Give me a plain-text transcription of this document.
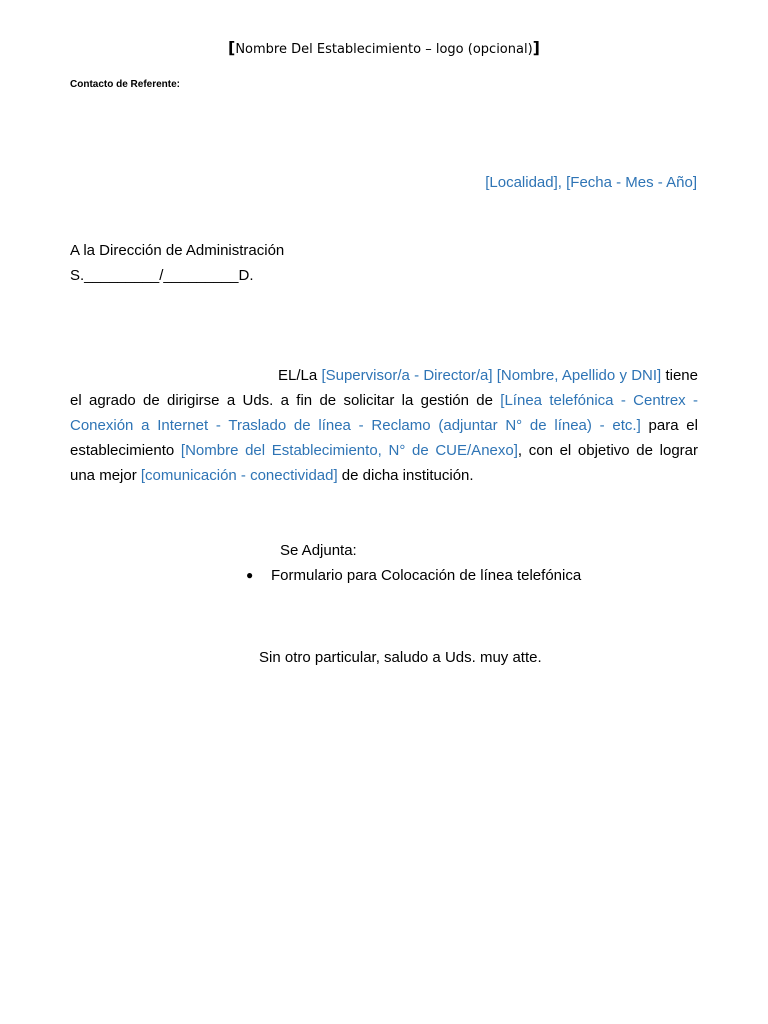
[Nombre Del Establecimiento – logo (opcional)]
Contacto de Referente:
[Localidad], [Fecha - Mes - Año]
A la Dirección de Administración
S._________/_________D.
EL/La [Supervisor/a - Director/a] [Nombre, Apellido y DNI] tiene el agrado de dirigirse a Uds. a fin de solicitar la gestión de [Línea telefónica - Centrex - Conexión a Internet - Traslado de línea - Reclamo (adjuntar N° de línea) - etc.] para el establecimiento [Nombre del Establecimiento, N° de CUE/Anexo], con el objetivo de lograr una mejor [comunicación - conectividad] de dicha institución.
Se Adjunta:
● Formulario para Colocación de línea telefónica
Sin otro particular, saludo a Uds. muy atte.
